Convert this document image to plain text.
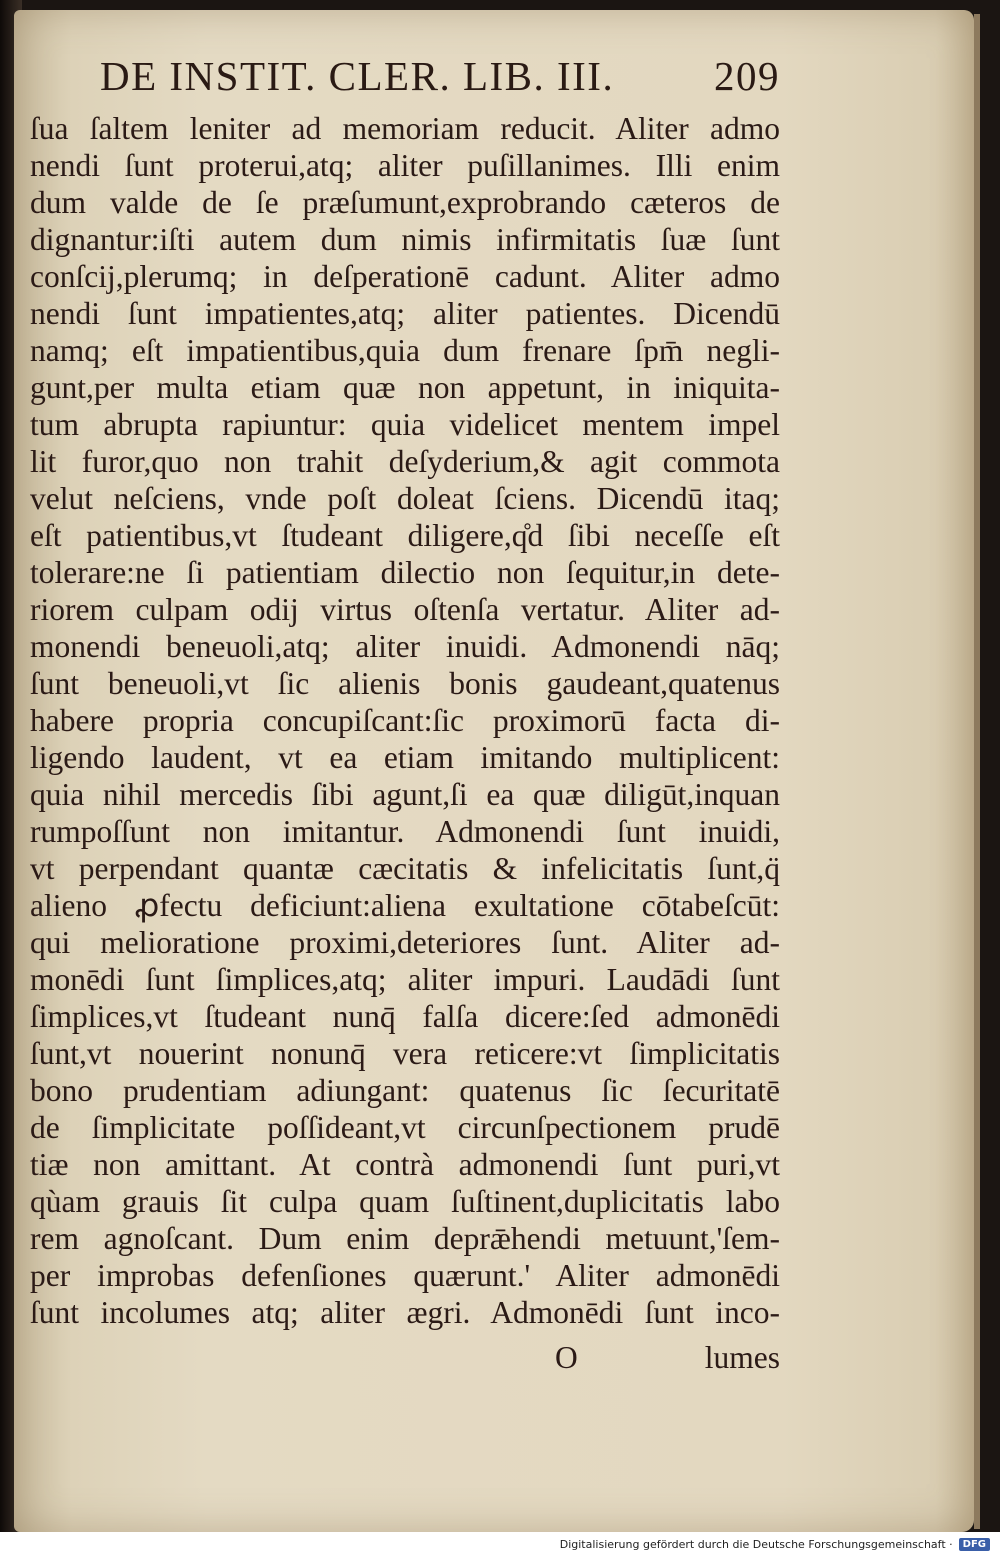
DE INSTIT. CLER. LIB. III. 209
ſua ſaltem leniter ad memoriam reducit. Aliter admo
nendi ſunt proterui,atq; aliter puſillanimes. Illi enim
dum valde de ſe præſumunt,exprobrando cæteros de
dignantur:iſti autem dum nimis infirmitatis ſuæ ſunt
conſcij,plerumq; in deſperationē cadunt. Aliter admo
nendi ſunt impatientes,atq; aliter patientes. Dicendū
namq; eſt impatientibus,quia dum frenare ſpm̄ negli-
gunt,per multa etiam quæ non appetunt, in iniquita-
tum abrupta rapiuntur: quia videlicet mentem impel
lit furor,quo non trahit deſyderium,& agit commota
velut neſciens, vnde poſt doleat ſciens. Dicendū itaq;
eſt patientibus,vt ſtudeant diligere,q̊d ſibi neceſſe eſt
tolerare:ne ſi patientiam dilectio non ſequitur,in dete-
riorem culpam odij virtus oſtenſa vertatur. Aliter ad-
monendi beneuoli,atq; aliter inuidi. Admonendi nāq;
ſunt beneuoli,vt ſic alienis bonis gaudeant,quatenus
habere propria concupiſcant:ſic proximorū facta di-
ligendo laudent, vt ea etiam imitando multiplicent:
quia nihil mercedis ſibi agunt,ſi ea quæ diligūt,inquan
rumpoſſunt non imitantur. Admonendi ſunt inuidi,
vt perpendant quantæ cæcitatis & infelicitatis ſunt,q̈
alieno ꝓfectu deficiunt:aliena exultatione cōtabeſcūt:
qui melioratione proximi,deteriores ſunt. Aliter ad-
monēdi ſunt ſimplices,atq; aliter impuri. Laudādi ſunt
ſimplices,vt ſtudeant nunq̄ falſa dicere:ſed admonēdi
ſunt,vt nouerint nonunq̄ vera reticere:vt ſimplicitatis
bono prudentiam adiungant: quatenus ſic ſecuritatē
de ſimplicitate poſſideant,vt circunſpectionem prudē
tiæ non amittant. At contrà admonendi ſunt puri,vt
qùam grauis ſit culpa quam ſuſtinent,duplicitatis labo
rem agnoſcant. Dum enim deprǣhendi metuunt,'ſem-
per improbas defenſiones quærunt.' Aliter admonēdi
ſunt incolumes atq; aliter ægri. Admonēdi ſunt inco-
O	lumes
Digitalisierung gefördert durch die Deutsche Forschungsgemeinschaft ·	DFG
